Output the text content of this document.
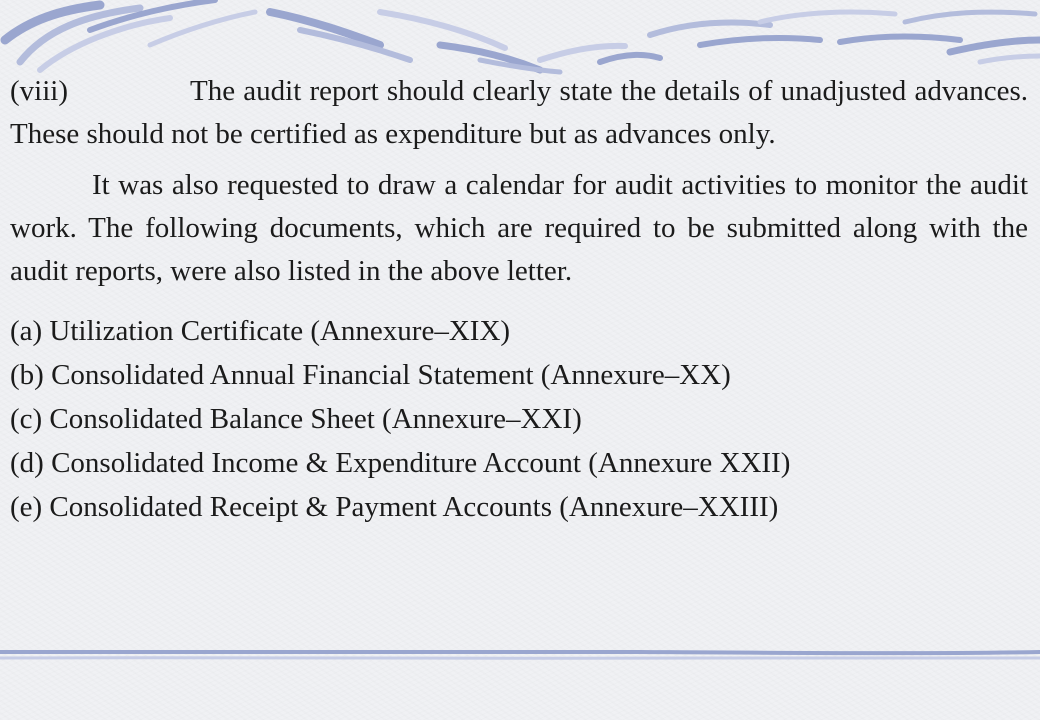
(viii)	The audit report should clearly state the details of unadjusted advances. These should not be certified as expenditure but as advances only.

It was also requested to draw a calendar for audit activities to monitor the audit work. The following documents, which are required to be submitted along with the audit reports, were also listed in the above letter.

(a) Utilization Certificate (Annexure–XIX)
(b) Consolidated Annual Financial Statement (Annexure–XX)
(c) Consolidated Balance Sheet (Annexure–XXI)
(d) Consolidated Income & Expenditure Account (Annexure XXII)
(e) Consolidated Receipt & Payment Accounts (Annexure–XXIII)
